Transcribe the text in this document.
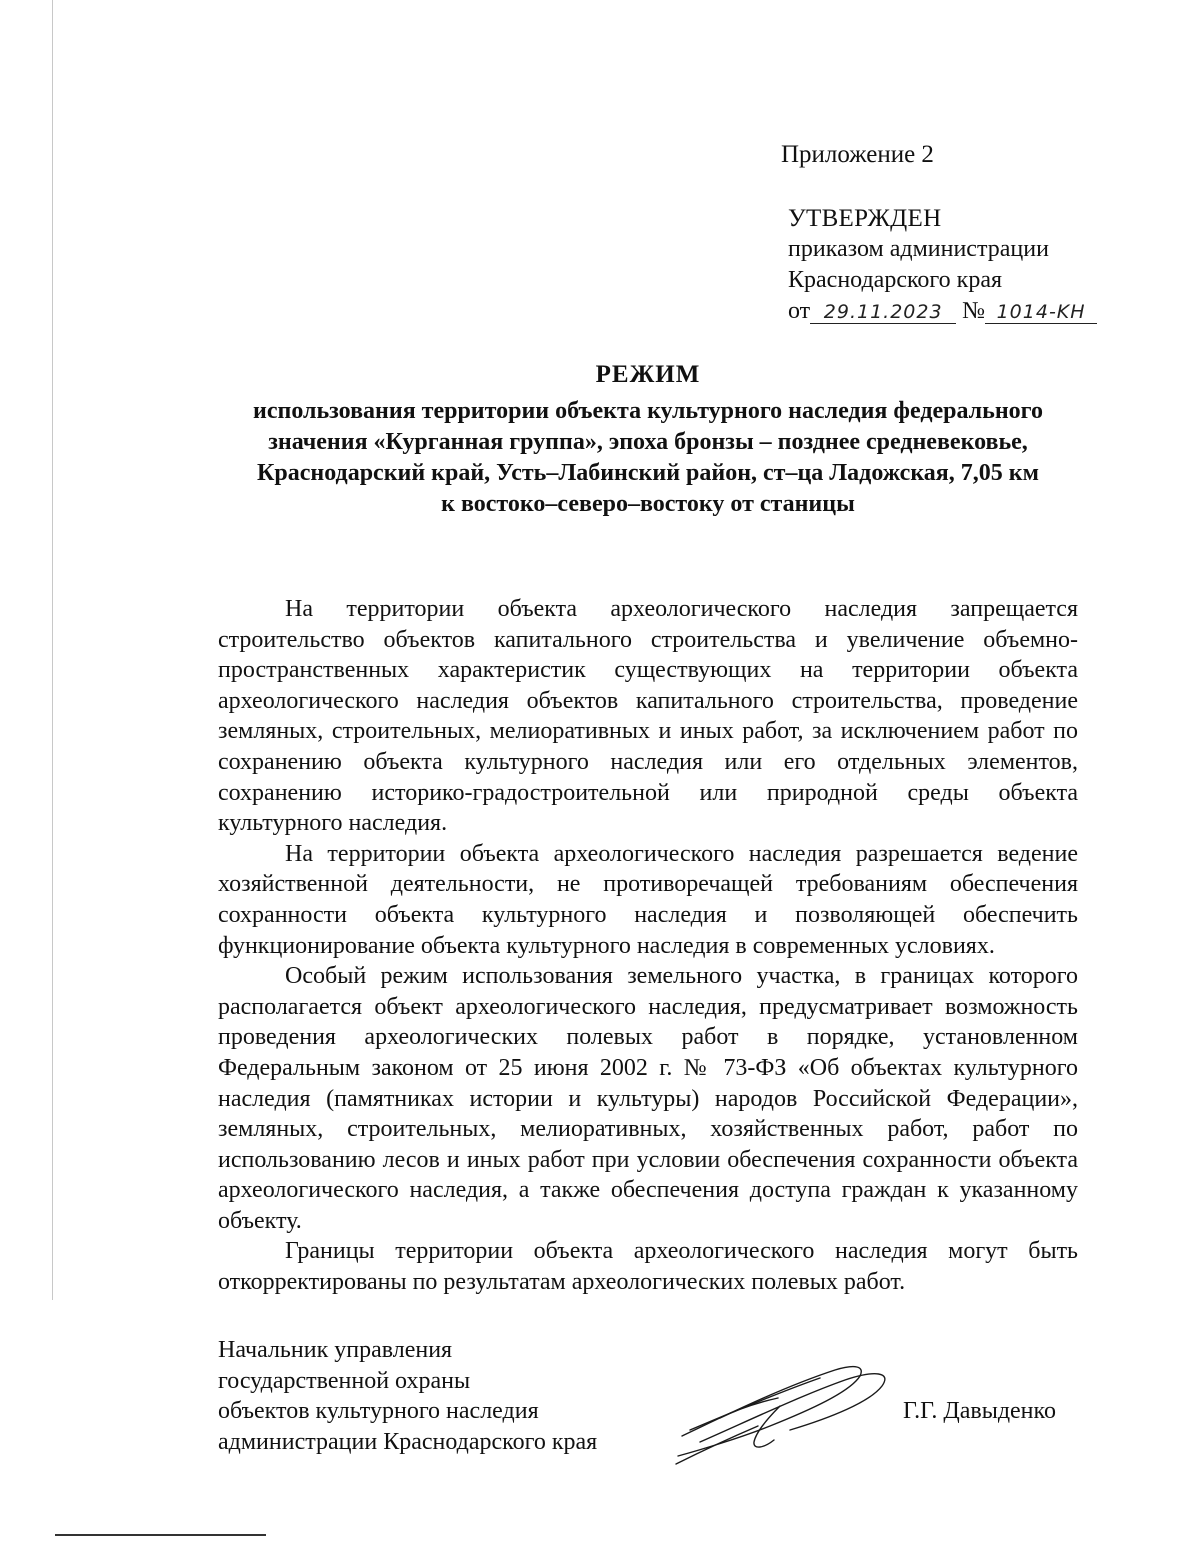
Приложение 2
УТВЕРЖДЕН
приказом администрации
Краснодарского края
от 29.11.2023 № 1014-KH
РЕЖИМ
использования территории объекта культурного наследия федерального
значения «Курганная группа», эпоха бронзы – позднее средневековье,
Краснодарский край, Усть–Лабинский район, ст–ца Ладожская, 7,05 км
к востоко–северо–востоку от станицы

На территории объекта археологического наследия запрещается строительство объектов капитального строительства и увеличение объемно-пространственных характеристик существующих на территории объекта археологического наследия объектов капитального строительства, проведение земляных, строительных, мелиоративных и иных работ, за исключением работ по сохранению объекта культурного наследия или его отдельных элементов, сохранению историко-градостроительной или природной среды объекта культурного наследия.

На территории объекта археологического наследия разрешается ведение хозяйственной деятельности, не противоречащей требованиям обеспечения сохранности объекта культурного наследия и позволяющей обеспечить функционирование объекта культурного наследия в современных условиях.

Особый режим использования земельного участка, в границах которого располагается объект археологического наследия, предусматривает возможность проведения археологических полевых работ в порядке, установленном Федеральным законом от 25 июня 2002 г. № 73-ФЗ «Об объектах культурного наследия (памятниках истории и культуры) народов Российской Федерации», земляных, строительных, мелиоративных, хозяйственных работ, работ по использованию лесов и иных работ при условии обеспечения сохранности объекта археологического наследия, а также обеспечения доступа граждан к указанному объекту.

Границы территории объекта археологического наследия могут быть откорректированы по результатам археологических полевых работ.

Начальник управления
государственной охраны
объектов культурного наследия
администрации Краснодарского края
Г.Г. Давыденко
